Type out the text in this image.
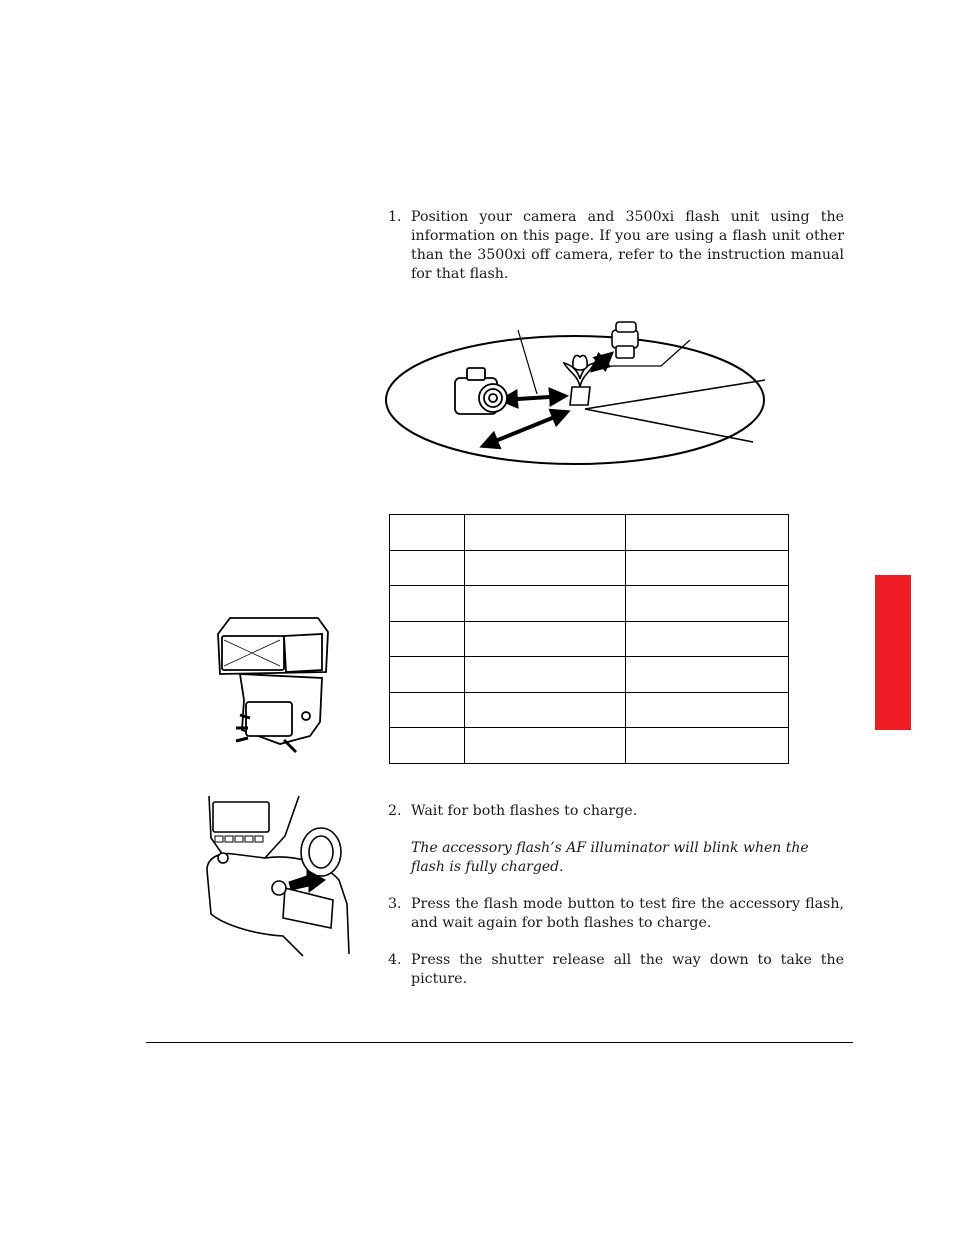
1. Position your camera and 3500xi flash unit using the information on this page. If you are using a flash unit other than the 3500xi off camera, refer to the instruction manual for that flash.

2. Wait for both flashes to charge.
The accessory flash’s AF illuminator will blink when the flash is fully charged.
3. Press the flash mode button to test fire the accessory flash, and wait again for both flashes to charge.
4. Press the shutter release all the way down to take the picture.
